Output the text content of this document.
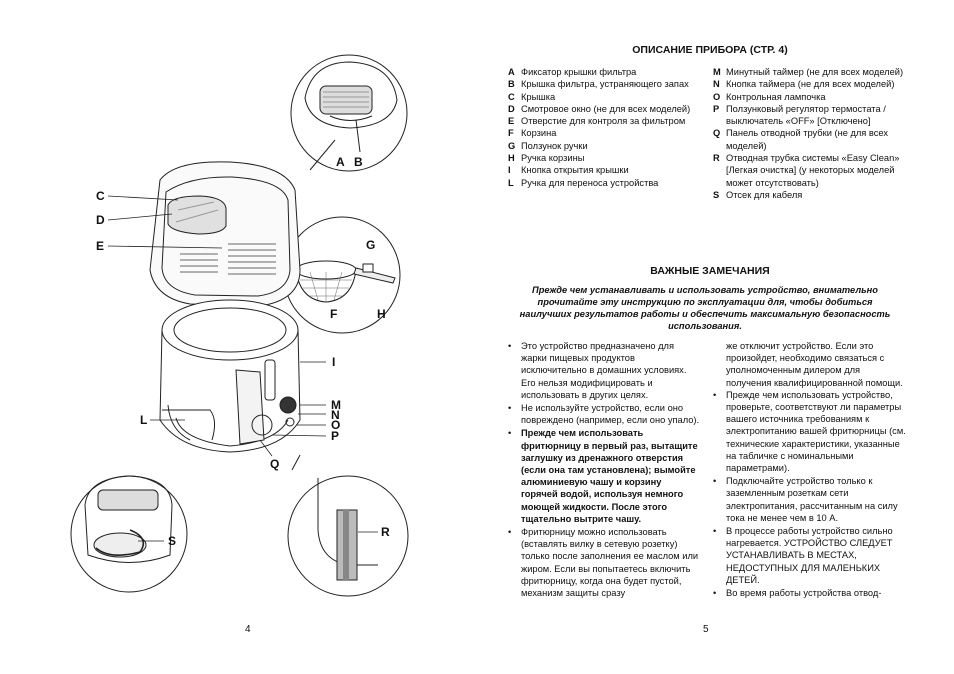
A B
C
D
E
F
G
H
I
L
M
N
O
P
Q
R
S
4
ОПИСАНИЕ ПРИБОРА (СТР. 4)
A Фиксатор крышки фильтра
B Крышка фильтра, устраняющего запах
C Крышка
D Смотровое окно (не для всех моделей)
E Отверстие для контроля за фильтром
F Корзина
G Ползунок ручки
H Ручка корзины
I	Кнопка открытия крышки
L Ручка для переноса устройства
M Минутный таймер (не для всех моделей)
N Кнопка таймера (не для всех моделей)
O Контрольная лампочка
P Ползунковый регулятор термостата / выключатель «OFF» [Отключено]
Q Панель отводной трубки (не для всех моделей)
R Отводная трубка системы «Easy Clean» [Легкая очистка] (у некоторых моделей может отсутствовать)
S Отсек для кабеля
ВАЖНЫЕ ЗАМЕЧАНИЯ
Прежде чем устанавливать и использовать устройство, внимательно прочитайте эту инструкцию по эксплуатации для, чтобы добиться наилучших результатов работы и обеспечить максимальную безопасность использования.
•	Это устройство предназначено для жарки пищевых продуктов исключительно в домашних условиях. Его нельзя модифицировать и использовать в других целях.
•	Не используйте устройство, если оно повреждено (например, если оно упало).
•	Прежде чем использовать фритюрницу в первый раз, вытащите заглушку из дренажного отверстия (если она там установлена); вымойте алюминиевую чашу и корзину горячей водой, используя немного моющей жидкости. После этого тщательно вытрите чашу.
•	Фритюрницу можно использовать (вставлять вилку в сетевую розетку) только после заполнения ее маслом или жиром. Если вы попытаетесь включить фритюрницу, когда она будет пустой, механизм защиты сразу
же отключит устройство. Если это произойдет, необходимо связаться с уполномоченным дилером для получения квалифицированной помощи.
•	Прежде чем использовать устройство, проверьте, соответствуют ли параметры вашего источника требованиям к электропитанию вашей фритюрницы (см. технические характеристики, указанные на табличке с номинальными параметрами).
•	Подключайте устройство только к заземленным розеткам сети электропитания, рассчитанным на силу тока не менее чем в 10 А.
•	В процессе работы устройство сильно нагревается. УСТРОЙСТВО СЛЕДУЕТ УСТАНАВЛИВАТЬ В МЕСТАХ, НЕДОСТУПНЫХ ДЛЯ МАЛЕНЬКИХ ДЕТЕЙ.
•	Во время работы устройства отвод-
5
